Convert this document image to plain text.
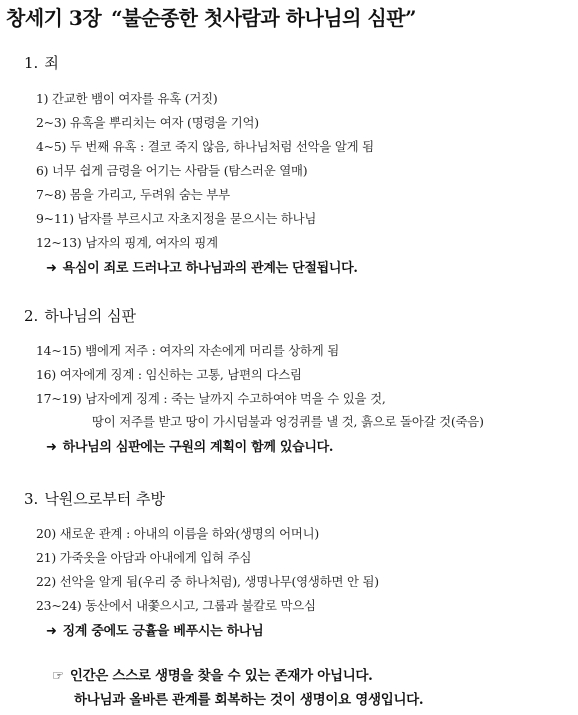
창세기 3장 “불순종한 첫사람과 하나님의 심판”
1. 죄
1) 간교한 뱀이 여자를 유혹 (거짓)
2~3) 유혹을 뿌리치는 여자 (명령을 기억)
4~5) 두 번째 유혹 : 결코 죽지 않음, 하나님처럼 선악을 알게 됨
6) 너무 쉽게 금령을 어기는 사람들 (탐스러운 열매)
7~8) 몸을 가리고, 두려워 숨는 부부
9~11) 남자를 부르시고 자초지정을 묻으시는 하나님
12~13) 남자의 핑계, 여자의 핑계
➜ 욕심이 죄로 드러나고 하나님과의 관계는 단절됩니다.
2. 하나님의 심판
14~15) 뱀에게 저주 : 여자의 자손에게 머리를 상하게 됨
16) 여자에게 징계 : 임신하는 고통, 남편의 다스림
17~19) 남자에게 징계 : 죽는 날까지 수고하여야 먹을 수 있을 것,
땅이 저주를 받고 땅이 가시덤불과 엉겅퀴를 낼 것, 흙으로 돌아갈 것(죽음)
➜ 하나님의 심판에는 구원의 계획이 함께 있습니다.
3. 낙원으로부터 추방
20) 새로운 관계 : 아내의 이름을 하와(생명의 어머니)
21) 가죽옷을 아담과 아내에게 입혀 주심
22) 선악을 알게 됨(우리 중 하나처럼), 생명나무(영생하면 안 됨)
23~24) 동산에서 내쫓으시고, 그룹과 불칼로 막으심
➜ 징계 중에도 긍휼을 베푸시는 하나님
☞ 인간은 스스로 생명을 찾을 수 있는 존재가 아닙니다.
하나님과 올바른 관계를 회복하는 것이 생명이요 영생입니다.
